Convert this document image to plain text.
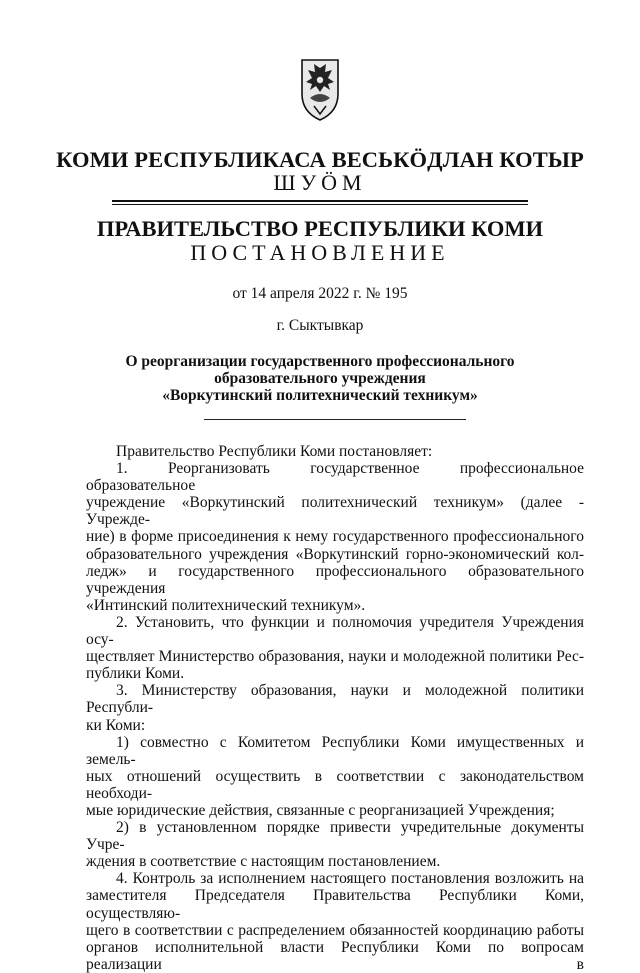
КОМИ РЕСПУБЛИКАСА ВЕСЬКӦДЛАН КОТЫР
ШУӦМ
ПРАВИТЕЛЬСТВО РЕСПУБЛИКИ КОМИ
ПОСТАНОВЛЕНИЕ
от 14 апреля 2022 г. № 195
г. Сыктывкар
О реорганизации государственного профессионального
образовательного учреждения
«Воркутинский политехнический техникум»

Правительство Республики Коми постановляет:

1. Реорганизовать государственное профессиональное образовательное

учреждение «Воркутинский политехнический техникум» (далее - Учрежде-

ние) в форме присоединения к нему государственного профессионального

образовательного учреждения «Воркутинский горно-экономический кол-

ледж» и государственного профессионального образовательного учреждения

«Интинский политехнический техникум».

2. Установить, что функции и полномочия учредителя Учреждения осу-

ществляет Министерство образования, науки и молодежной политики Рес-

публики Коми.

3. Министерству образования, науки и молодежной политики Республи-

ки Коми:

1) совместно с Комитетом Республики Коми имущественных и земель-

ных отношений осуществить в соответствии с законодательством необходи-

мые юридические действия, связанные с реорганизацией Учреждения;

2) в установленном порядке привести учредительные документы Учре-

ждения в соответствие с настоящим постановлением.

4. Контроль за исполнением настоящего постановления возложить на

заместителя Председателя Правительства Республики Коми, осуществляю-

щего в соответствии с распределением обязанностей координацию работы

органов исполнительной власти Республики Коми по вопросам реализации в
